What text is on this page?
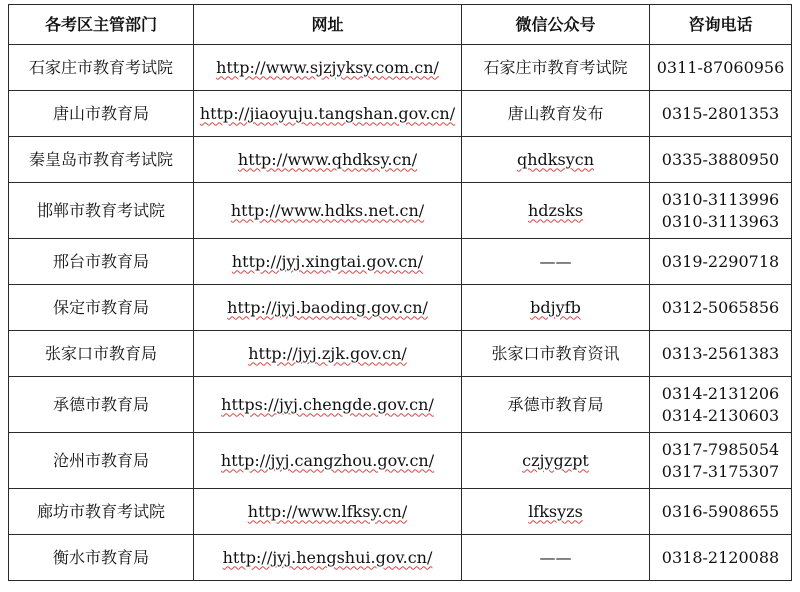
各考区主管部门	网址	微信公众号	咨询电话
石家庄市教育考试院	http://www.sjzjyksy.com.cn/	石家庄市教育考试院	0311-87060956

唐山市教育局	http://jiaoyuju.tangshan.gov.cn/	唐山教育发布	0315-2801353

秦皇岛市教育考试院	http://www.qhdksy.cn/	qhdksycn	0335-3880950

邯郸市教育考试院	http://www.hdks.net.cn/	hdzsks	0310-3113996
0310-3113963

邢台市教育局	http://jyj.xingtai.gov.cn/	——	0319-2290718

保定市教育局	http://jyj.baoding.gov.cn/	bdjyfb	0312-5065856

张家口市教育局	http://jyj.zjk.gov.cn/	张家口市教育资讯	0313-2561383

承德市教育局	https://jyj.chengde.gov.cn/	承德市教育局	0314-2131206
0314-2130603

沧州市教育局	http://jyj.cangzhou.gov.cn/	czjygzpt	0317-7985054
0317-3175307

廊坊市教育考试院	http://www.lfksy.cn/	lfksyzs	0316-5908655

衡水市教育局	http://jyj.hengshui.gov.cn/	——	0318-2120088
